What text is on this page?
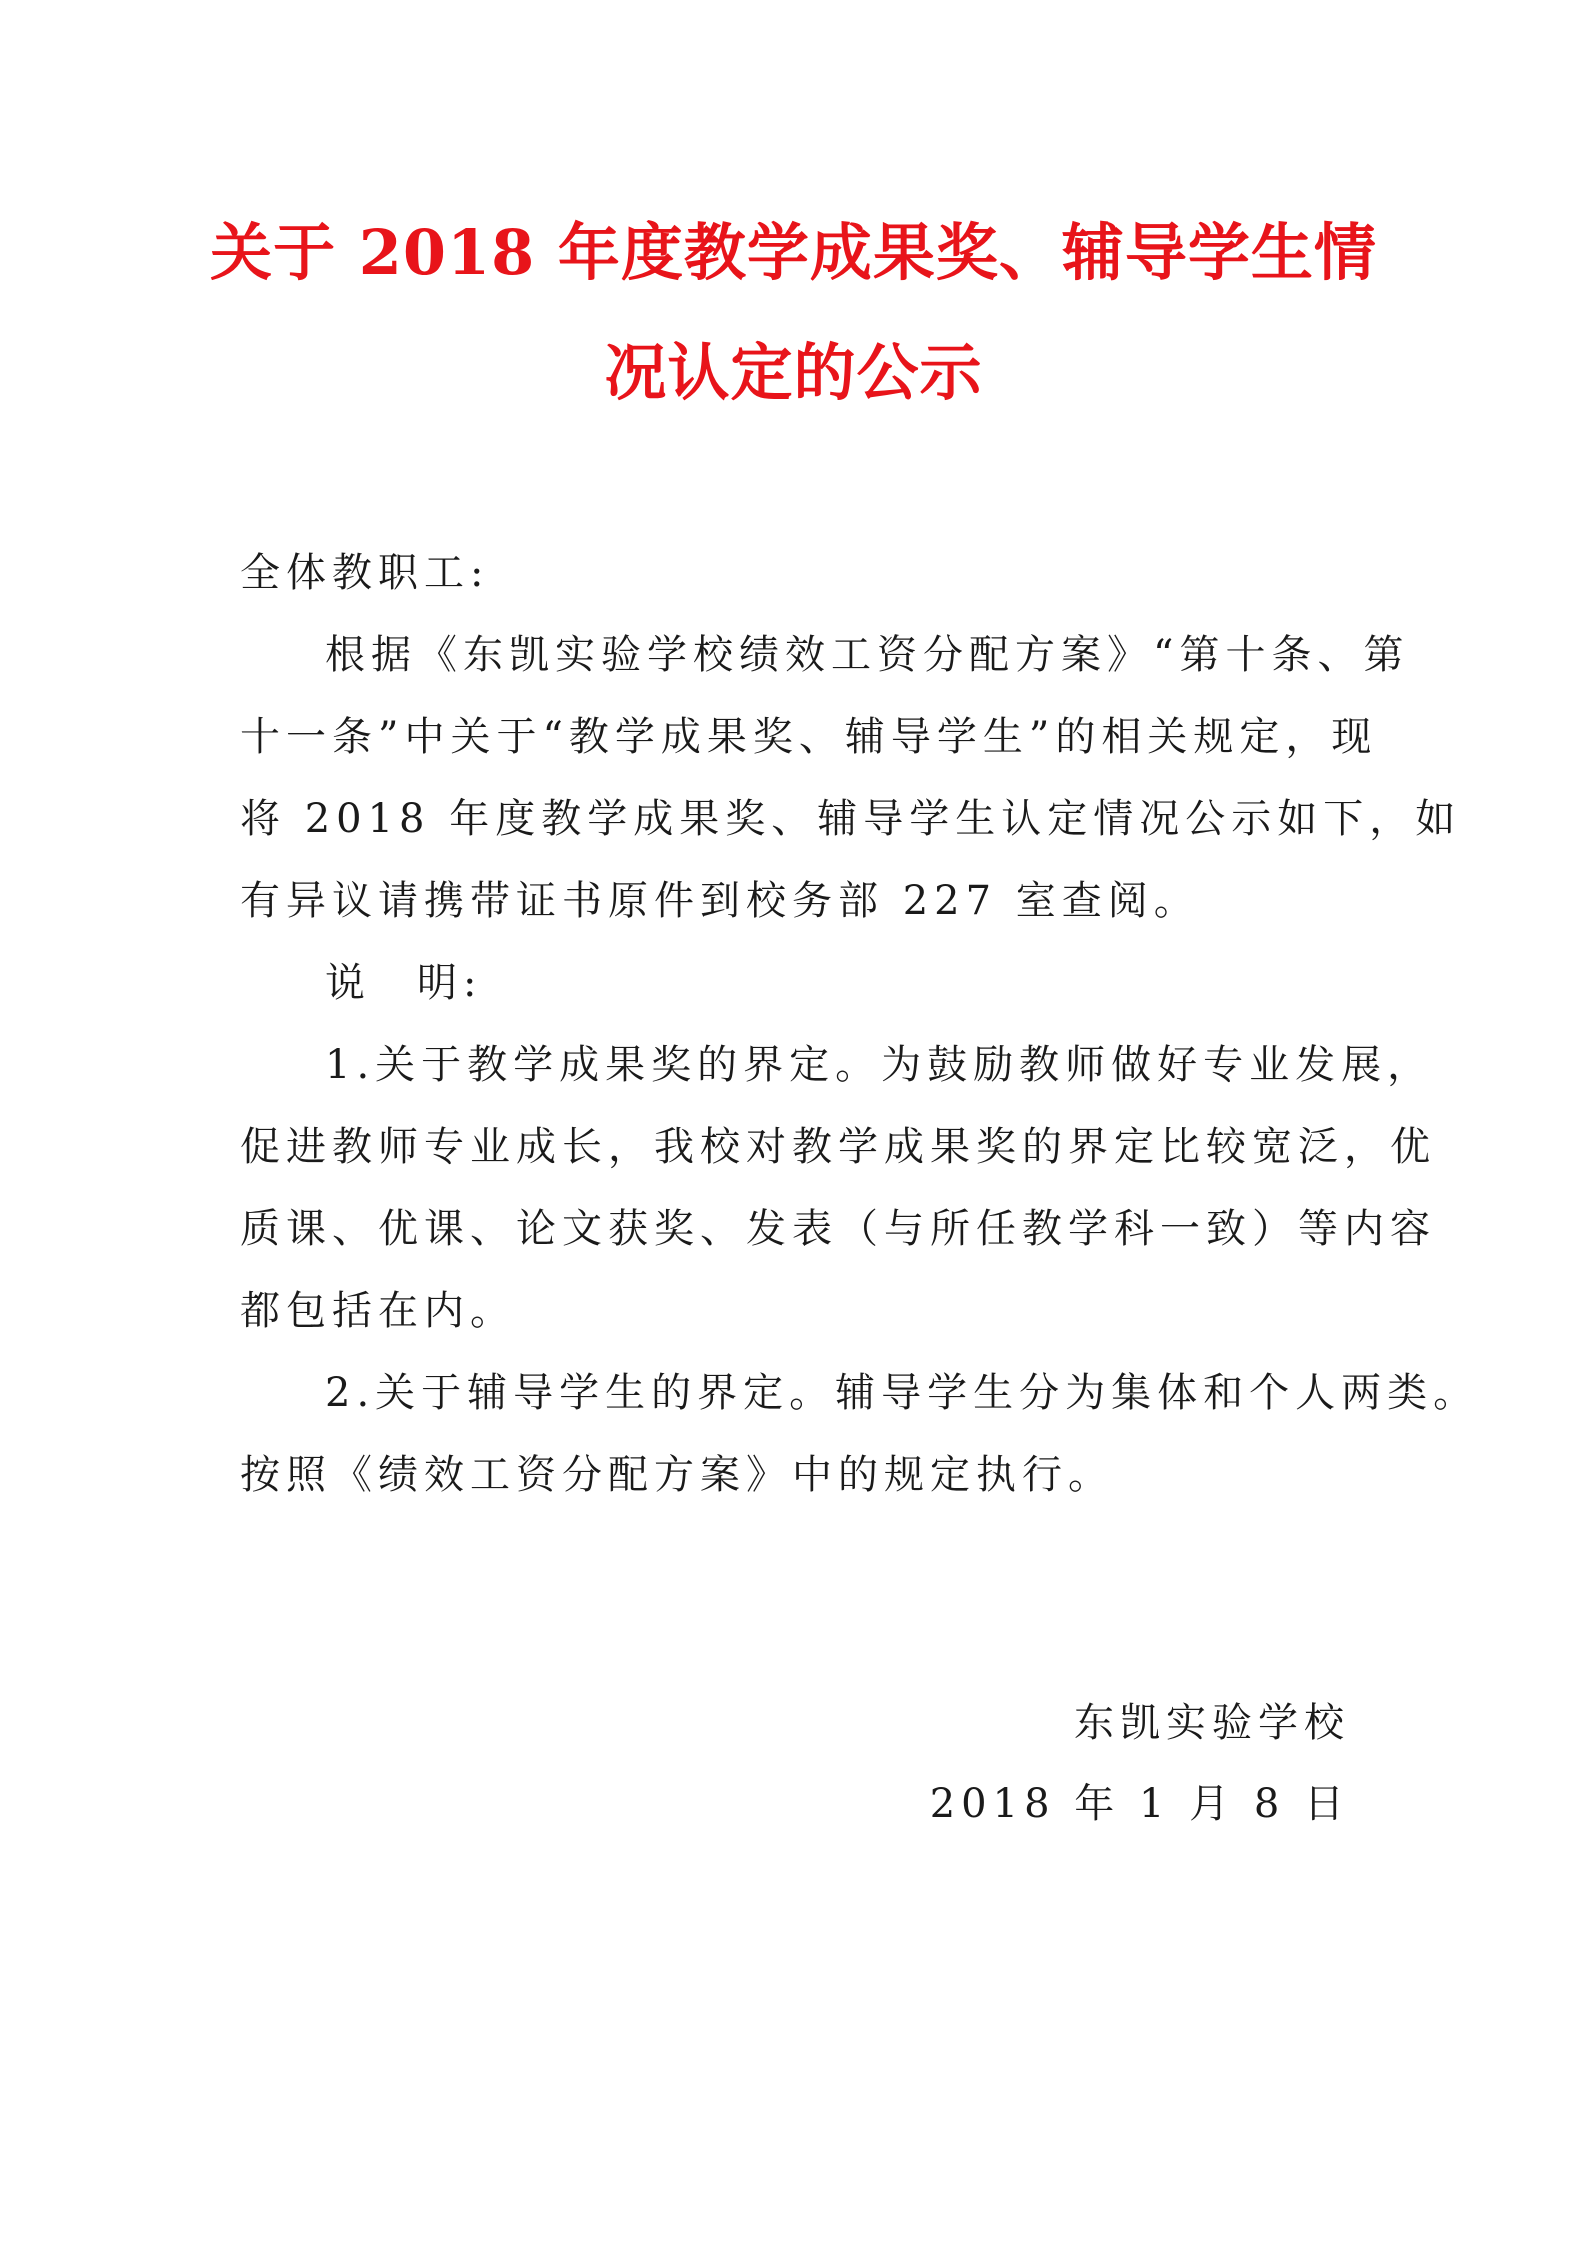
关于 2018 年度教学成果奖、辅导学生情
况认定的公示
全体教职工:
根据《东凯实验学校绩效工资分配方案》“第十条、第
十一条”中关于“教学成果奖、辅导学生”的相关规定，现
将 2018 年度教学成果奖、辅导学生认定情况公示如下，如
有异议请携带证书原件到校务部 227 室查阅。
说　明:
1.关于教学成果奖的界定。为鼓励教师做好专业发展，
促进教师专业成长，我校对教学成果奖的界定比较宽泛，优
质课、优课、论文获奖、发表（与所任教学科一致）等内容
都包括在内。
2.关于辅导学生的界定。辅导学生分为集体和个人两类。
按照《绩效工资分配方案》中的规定执行。
东凯实验学校
2018 年 1 月 8 日
